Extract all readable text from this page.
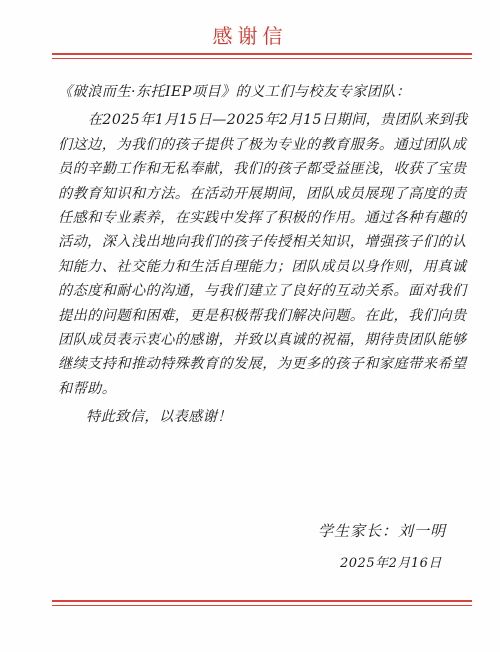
感谢信

《破浪而生·东托IEP项目》的义工们与校友专家团队：

在2025年1月15日—2025年2月15日期间，贵团队来到我们这边，为我们的孩子提供了极为专业的教育服务。通过团队成员的辛勤工作和无私奉献，我们的孩子都受益匪浅，收获了宝贵的教育知识和方法。在活动开展期间，团队成员展现了高度的责任感和专业素养，在实践中发挥了积极的作用。通过各种有趣的活动，深入浅出地向我们的孩子传授相关知识，增强孩子们的认知能力、社交能力和生活自理能力；团队成员以身作则，用真诚的态度和耐心的沟通，与我们建立了良好的互动关系。面对我们提出的问题和困难，更是积极帮我们解决问题。在此，我们向贵团队成员表示衷心的感谢，并致以真诚的祝福，期待贵团队能够继续支持和推动特殊教育的发展，为更多的孩子和家庭带来希望和帮助。

特此致信，以表感谢！

学生家长：刘一明
2025年2月16日
